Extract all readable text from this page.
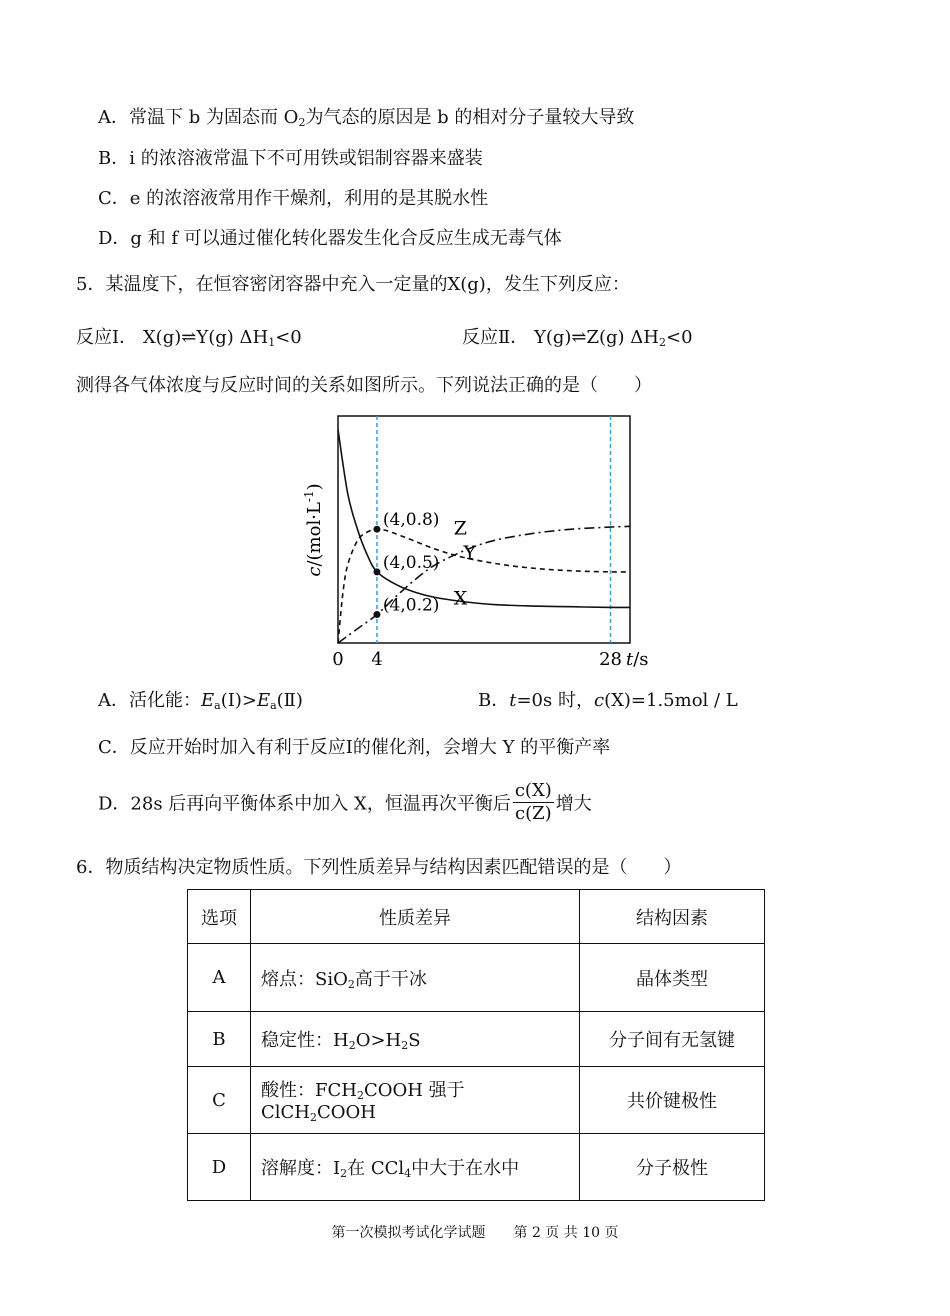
A．常温下 b 为固态而 $O_2$为气态的原因是 b 的相对分子量较大导致
B．i 的浓溶液常温下不可用铁或铝制容器来盛装
C．e 的浓溶液常用作干燥剂，利用的是其脱水性
D．g 和 f 可以通过催化转化器发生化合反应生成无毒气体
5．某温度下，在恒容密闭容器中充入一定量的X(g)，发生下列反应：
反应Ⅰ． X(g)⇌Y(g) $\Delta H_1<0$	反应Ⅱ． Y(g)⇌Z(g) $\Delta H_2<0$
测得各气体浓度与反应时间的关系如图所示。下列说法正确的是（　　）
X
Y
Z
(4,0.8)
(4,0.5)
(4,0.2)
0 4	28 t/s
$c/(mol\cdot L^{-1})$
A．活化能：$E_a(Ⅰ)>E_a(Ⅱ)$	B．t=0s 时，c(X)=1.5mol / L
C．反应开始时加入有利于反应Ⅰ的催化剂，会增大 Y 的平衡产率
D．28s 后再向平衡体系中加入 X，恒温再次平衡后 $\frac{c(X)}{c(Z)}$ 增大
6．物质结构决定物质性质。下列性质差异与结构因素匹配错误的是（　　）
选项	性质差异	结构因素
A	熔点：SiO$_2$高于干冰	晶体类型
B	稳定性：$H_2O>H_2S$	分子间有无氢键
C	酸性：$FCH_2COOH$ 强于 ClCH$_2$COOH	共价键极性
D	溶解度：$I_2$在 CCl$_4$中大于在水中	分子极性
第一次模拟考试化学试题　　第 2 页 共 10 页
